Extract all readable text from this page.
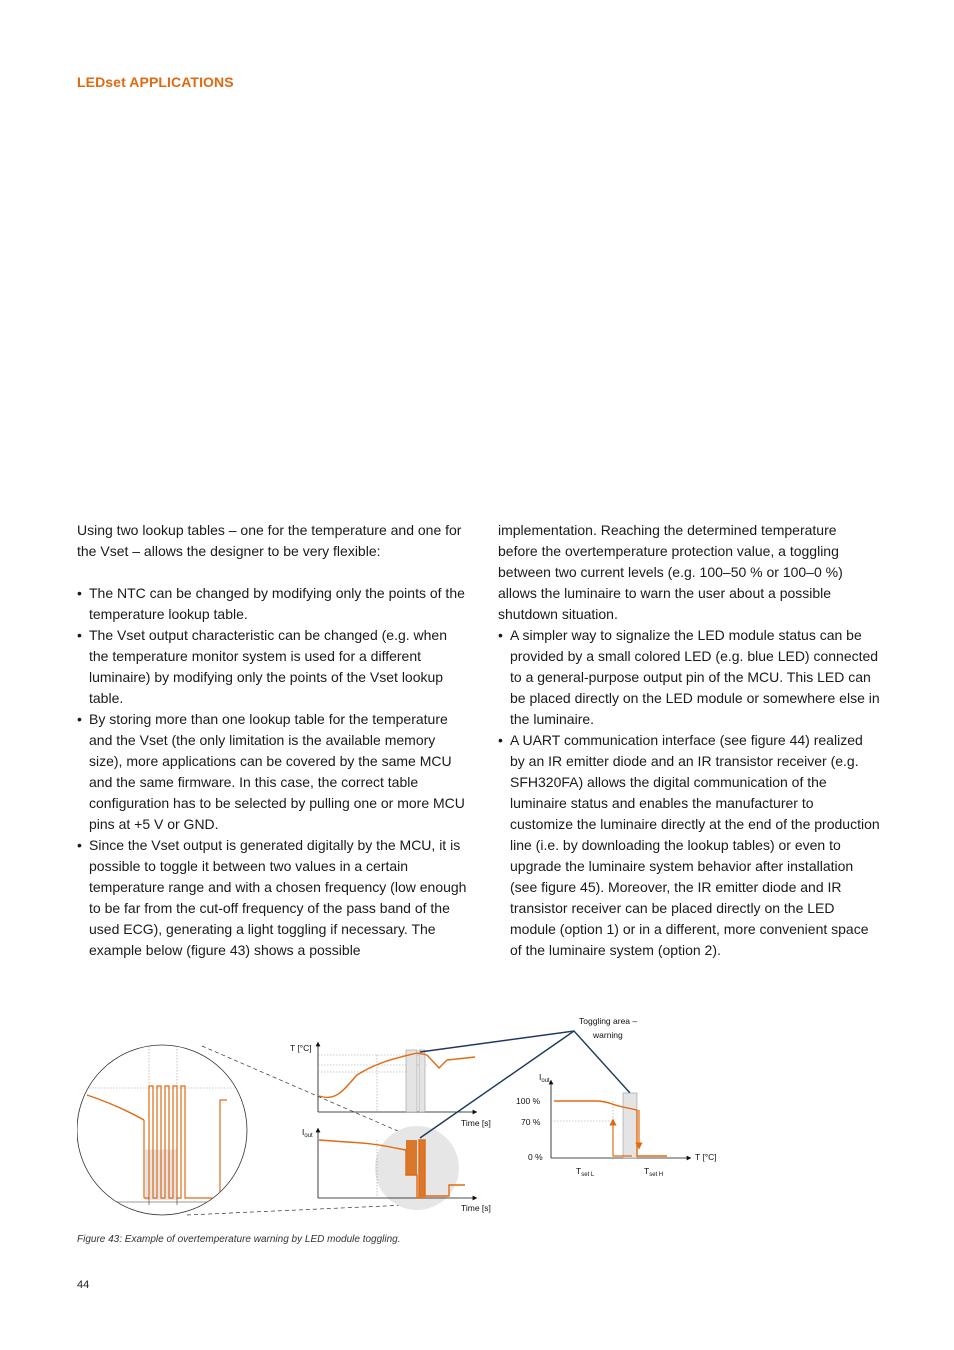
LEDset APPLICATIONS

Using two lookup tables – one for the temperature and one for the Vset – allows the designer to be very flexible:

• The NTC can be changed by modifying only the points of the temperature lookup table.

• The Vset output characteristic can be changed (e.g. when the temperature monitor system is used for a different luminaire) by modifying only the points of the Vset lookup table.

• By storing more than one lookup table for the temperature and the Vset (the only limitation is the available memory size), more applications can be covered by the same MCU and the same firmware. In this case, the correct table configuration has to be selected by pulling one or more MCU pins at +5 V or GND.

• Since the Vset output is generated digitally by the MCU, it is possible to toggle it between two values in a certain temperature range and with a chosen frequency (low enough to be far from the cut-off frequency of the pass band of the used ECG), generating a light toggling if necessary. The example below (figure 43) shows a possible

implementation. Reaching the determined temperature before the overtemperature protection value, a toggling between two current levels (e.g. 100–50 % or 100–0 %) allows the luminaire to warn the user about a possible shutdown situation.

• A simpler way to signalize the LED module status can be provided by a small colored LED (e.g. blue LED) connected to a general-purpose output pin of the MCU. This LED can be placed directly on the LED module or somewhere else in the luminaire.

• A UART communication interface (see figure 44) realized by an IR emitter diode and an IR transistor receiver (e.g. SFH320FA) allows the digital communication of the luminaire status and enables the manufacturer to customize the luminaire directly at the end of the production line (i.e. by downloading the lookup tables) or even to upgrade the luminaire system behavior after installation (see figure 45). Moreover, the IR emitter diode and IR transistor receiver can be placed directly on the LED module (option 1) or in a different, more convenient space of the luminaire system (option 2).

T [°C]
Time [s]
$I_{out}$
Time [s]
Toggling area –
warning
$I_{out}$
100 %
70 %
0 %	T [°C]
$T_{set L}$	$T_{set H}$
Figure 43: Example of overtemperature warning by LED module toggling.
44
